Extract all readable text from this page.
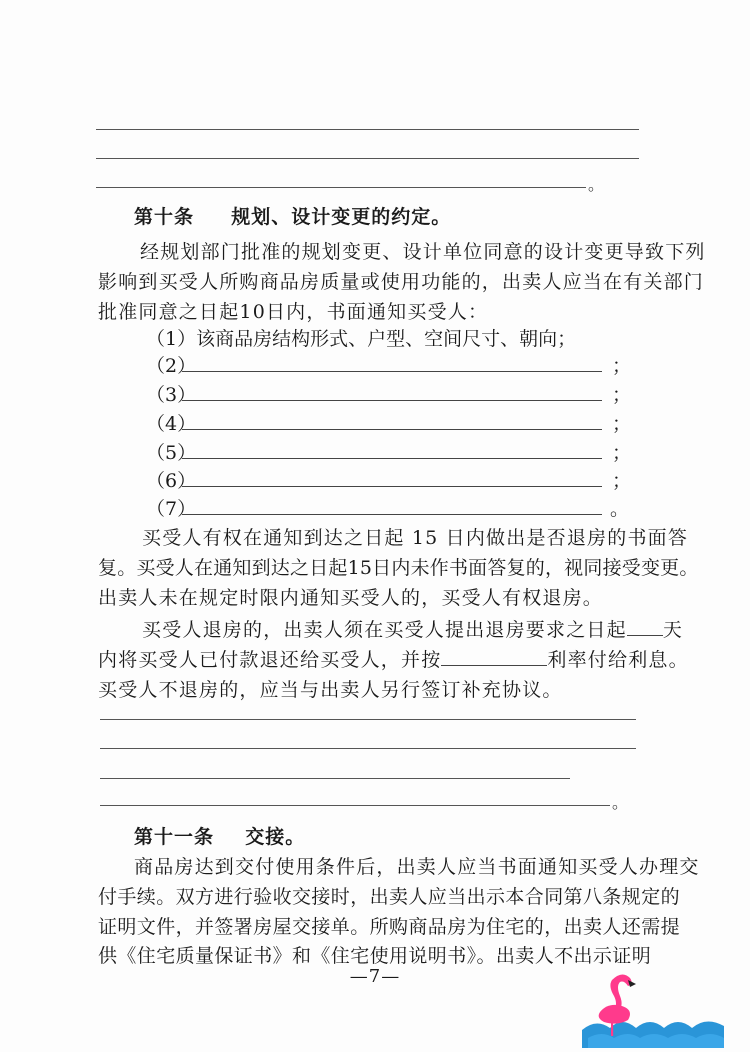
。
第十条 规划、设计变更的约定。
经规划部门批准的规划变更、设计单位同意的设计变更导致下列
影响到买受人所购商品房质量或使用功能的，出卖人应当在有关部门
批准同意之日起10日内，书面通知买受人：
（1）该商品房结构形式、户型、空间尺寸、朝向；
（2）	；
（3）	；
（4）	；
（5）	；
（6）	；
（7）	。
买受人有权在通知到达之日起 15 日内做出是否退房的书面答
复。买受人在通知到达之日起15日内未作书面答复的，视同接受变更。
出卖人未在规定时限内通知买受人的，买受人有权退房。
买受人退房的，出卖人须在买受人提出退房要求之日起 天
内将买受人已付款退还给买受人，并按	利率付给利息。
买受人不退房的，应当与出卖人另行签订补充协议。
。
第十一条 交接。
商品房达到交付使用条件后，出卖人应当书面通知买受人办理交
付手续。双方进行验收交接时，出卖人应当出示本合同第八条规定的
证明文件，并签署房屋交接单。所购商品房为住宅的，出卖人还需提
供《住宅质量保证书》和《住宅使用说明书》。出卖人不出示证明
—7—
